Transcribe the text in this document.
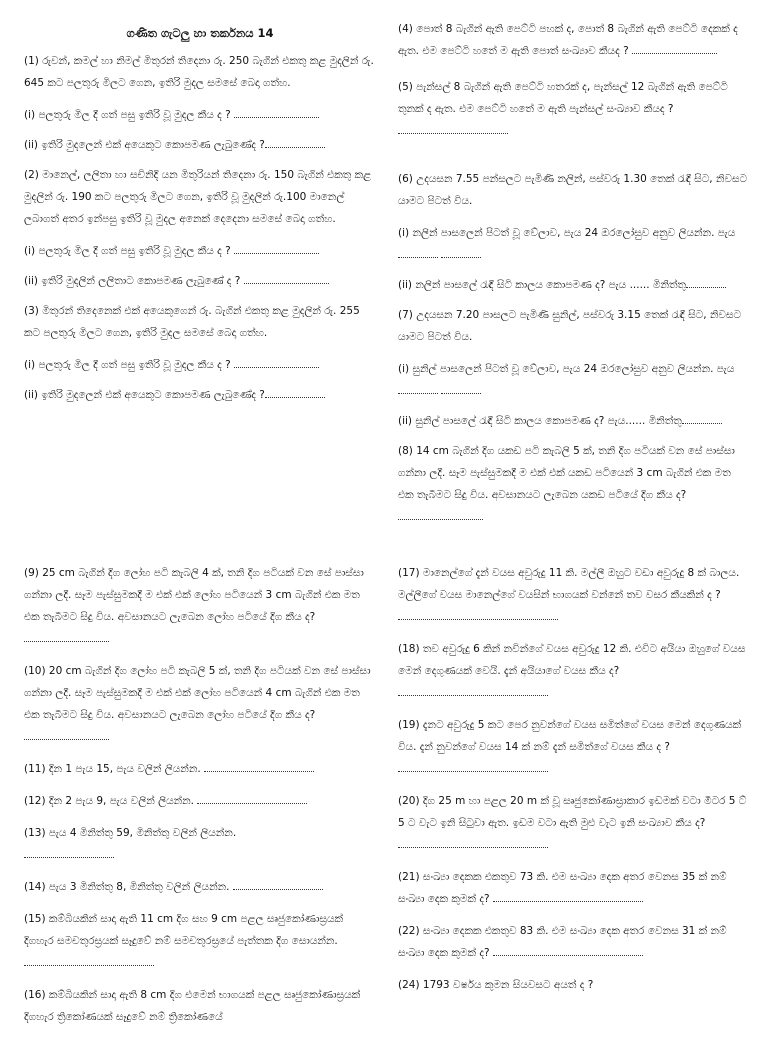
ගණිත ගැටලු හා තර්කනය 14
(1) රුවන්, කමල් හා නිමල් මිතුරන් තිදෙනා රු. 250 බැගින් එකතු කළ මුදලින් රු. 645 කට පලතුරු මිලට ගෙන, ඉතිරි මුදල සමසේ බෙදා ගත්හ.
(i) පලතුරු මිල දී ගත් පසු ඉතිරි වූ මුදල කීය ද ?
(ii) ඉතිරි මුදලෙන් එක් අයෙකුට කොපමණ ලැබුණේද ?
(2) මානෙල්, ලලිතා හා සචිනිදි යන මිතුරියන් තිදෙනා රු. 150 බැගින් එකතු කළ මුදලින් රු. 190 කට පලතුරු මිලට ගෙන, ඉතිරි වූ මුදලින් රු.100 මානෙල් ලබාගත් අතර ඉන්පසු ඉතිරි වූ මුදල අනෙක් දෙදෙනා සමසේ බෙදා ගත්හ.
(i) පලතුරු මිල දී ගත් පසු ඉතිරි වූ මුදල කීය ද ?
(ii) ඉතිරි මුදලින් ලලිතාට කොපමණ ලැබුණේ ද ?
(3) මිතුරන් තිදෙනෙක් එක් අයෙකුගෙන් රු. බැගින් එකතු කළ මුදලින් රු. 255 කට පලතුරු මිලට ගෙන, ඉතිරි මුදල සමසේ බෙදා ගත්හ.
(i) පලතුරු මිල දී ගත් පසු ඉතිරි වූ මුදල කීය ද ?
(ii) ඉතිරි මුදලෙන් එක් අයෙකුට කොපමණ ලැබුණේද ?
(4) පොත් 8 බැගින් ඇති පෙට්ටි පහක් ද, පොත් 8 බැගින් ඇති පෙට්ටි දෙකක් ද ඇත. එම පෙට්ටි හතේ ම ඇති පොත් සංඛ්‍යාව කීයද ?
(5) පැන්සල් 8 බැගින් ඇති පෙට්ටි හතරක් ද, පැන්සල් 12 බැගින් ඇති පෙට්ටි තුනක් ද ඇත. එම පෙට්ටි හතේ ම ඇති පැන්සල් සංඛ්‍යාව කීයද ?
(6) උදයසන 7.55 පන්සලට පැමිණි නලින්, පස්වරු 1.30 තෙක් රැඳී සිට, නිවසට යාමට පිටත් විය.
(i) නලින් පාසලෙන් පිටත් වූ වේලාව, පැය 24 ඔරලෝසුව අනුව ලියන්න. පැය
(ii) නලින් පාසලේ රැඳී සිටි කාලය කොපමණ ද? පැය ...... මිනිත්තු
(7) උදයසන 7.20 පාසලට පැමිණි සුනිල්, පස්වරු 3.15 තෙක් රැඳී සිට, නිවසට යාමට පිටත් විය.
(i) සුනිල් පාසලෙන් පිටත් වූ වේලාව, පැය 24 ඔරලෝසුව අනුව ලියන්න. පැය
(ii) සුනිල් පාසලේ රැඳී සිටි කාලය කොපමණ ද? පැය...... මිනිත්තු
(8) 14 cm බැගින් දිග යකඩ පටි කැබලි 5 ක්, තනි දිග පටියක් වන සේ පාස්සා ගන්නා ලදී. සෑම පැස්සුමකදී ම එක් එක් යකඩ පටියෙන් 3 cm බැගින් එක මත එක තැබීමට සිදු විය. අවසානයට ලැබෙන යකඩ පටියේ දිග කීය ද?
(9) 25 cm බැගින් දිග ලෝහ පටි කැබලි 4 ක්, තනි දිග පටියක් වන සේ පාස්සා ගන්නා ලදී. සෑම පැස්සුමකදී ම එක් එක් ලෝහ පටියෙන් 3 cm බැගින් එක මත එක තැබීමට සිදු විය. අවසානයට ලැබෙන ලෝහ පටියේ දිග කීය ද?
(10) 20 cm බැගින් දිග ලෝහ පටි කැබලි 5 ක්, තනි දිග පටියක් වන සේ පාස්සා ගන්නා ලදී. සෑම පැස්සුමකදී ම එක් එක් ලෝහ පටියෙන් 4 cm බැගින් එක මත එක තැබීමට සිදු විය. අවසානයට ලැබෙන ලෝහ පටියේ දිග කීය ද?
(11) දින 1 පැය 15, පැය වලින් ලියන්න.
(12) දින 2 පැය 9, පැය වලින් ලියන්න.
(13) පැය 4 මිනිත්තු 59, මිනිත්තු වලින් ලියන්න.

(14) පැය 3 මිනිත්තු 8, මිනිත්තු වලින් ලියන්න.
(15) කම්බියකින් සාදා ඇති 11 cm දිග සහ 9 cm පළල සෘජුකෝණාස්‍රයක් දිගහැර සමචතුරස්‍රයක් සෑදුවේ නම් සමචතුරස්‍රයේ පැත්තක දිග සොයන්න.
(16) කම්බියකින් සාදා ඇති 8 cm දිග එමෙන් භාගයක් පළල සෘජුකෝණාස්‍රයක් දිගහැර ත්‍රිකෝණයක් සෑදුවේ නම් ත්‍රිකෝණයේ
(17) මානෙල්ගේ දැන් වයස අවුරුදු 11 කි. මල්ලී ඔහුට වඩා අවුරුදු 8 ක් බාලය. මල්ලීගේ වයස මානෙල්ගේ වයසින් භාගයක් වන්නේ තව වසර කීයකින් ද ?
(18) තව අවුරුදු 6 කින් නවින්ගේ වයස අවුරුදු 12 කි. එවිට අයියා ඔහුගේ වයස මෙන් දෙගුණයක් වෙයි. දැන් අයියාගේ වයස කීය ද?
(19) දැනට අවුරුදු 5 කට පෙර නුවන්ගේ වයස සමිත්ගේ වයස මෙන් දෙගුණයක් විය. දැන් නුවන්ගේ වයස 14 ක් නම් දැන් සමිත්ගේ වයස කීය ද ?
(20) දිග 25 m හා පළල 20 m ක් වූ සෘජුකෝණාස්‍රාකාර ඉඩමක් වටා මීටර 5 ට් 5 ට වැට ඉනි සිටුවා ඇත. ඉඩම වටා ඇති මුළු වැට ඉනි සංඛ්‍යාව කීය ද?
(21) සංඛ්‍යා දෙකක එකතුව 73 කි. එම සංඛ්‍යා දෙක අතර වෙනස 35 ක් නම් සංඛ්‍යා දෙක කුමක් ද?
(22) සංඛ්‍යා දෙකක එකතුව 83 කි. එම සංඛ්‍යා දෙක අතර වෙනස 31 ක් නම් සංඛ්‍යා දෙක කුමක් ද?
(24) 1793 වර්ෂය කුමන සියවසට අයත් ද ?
